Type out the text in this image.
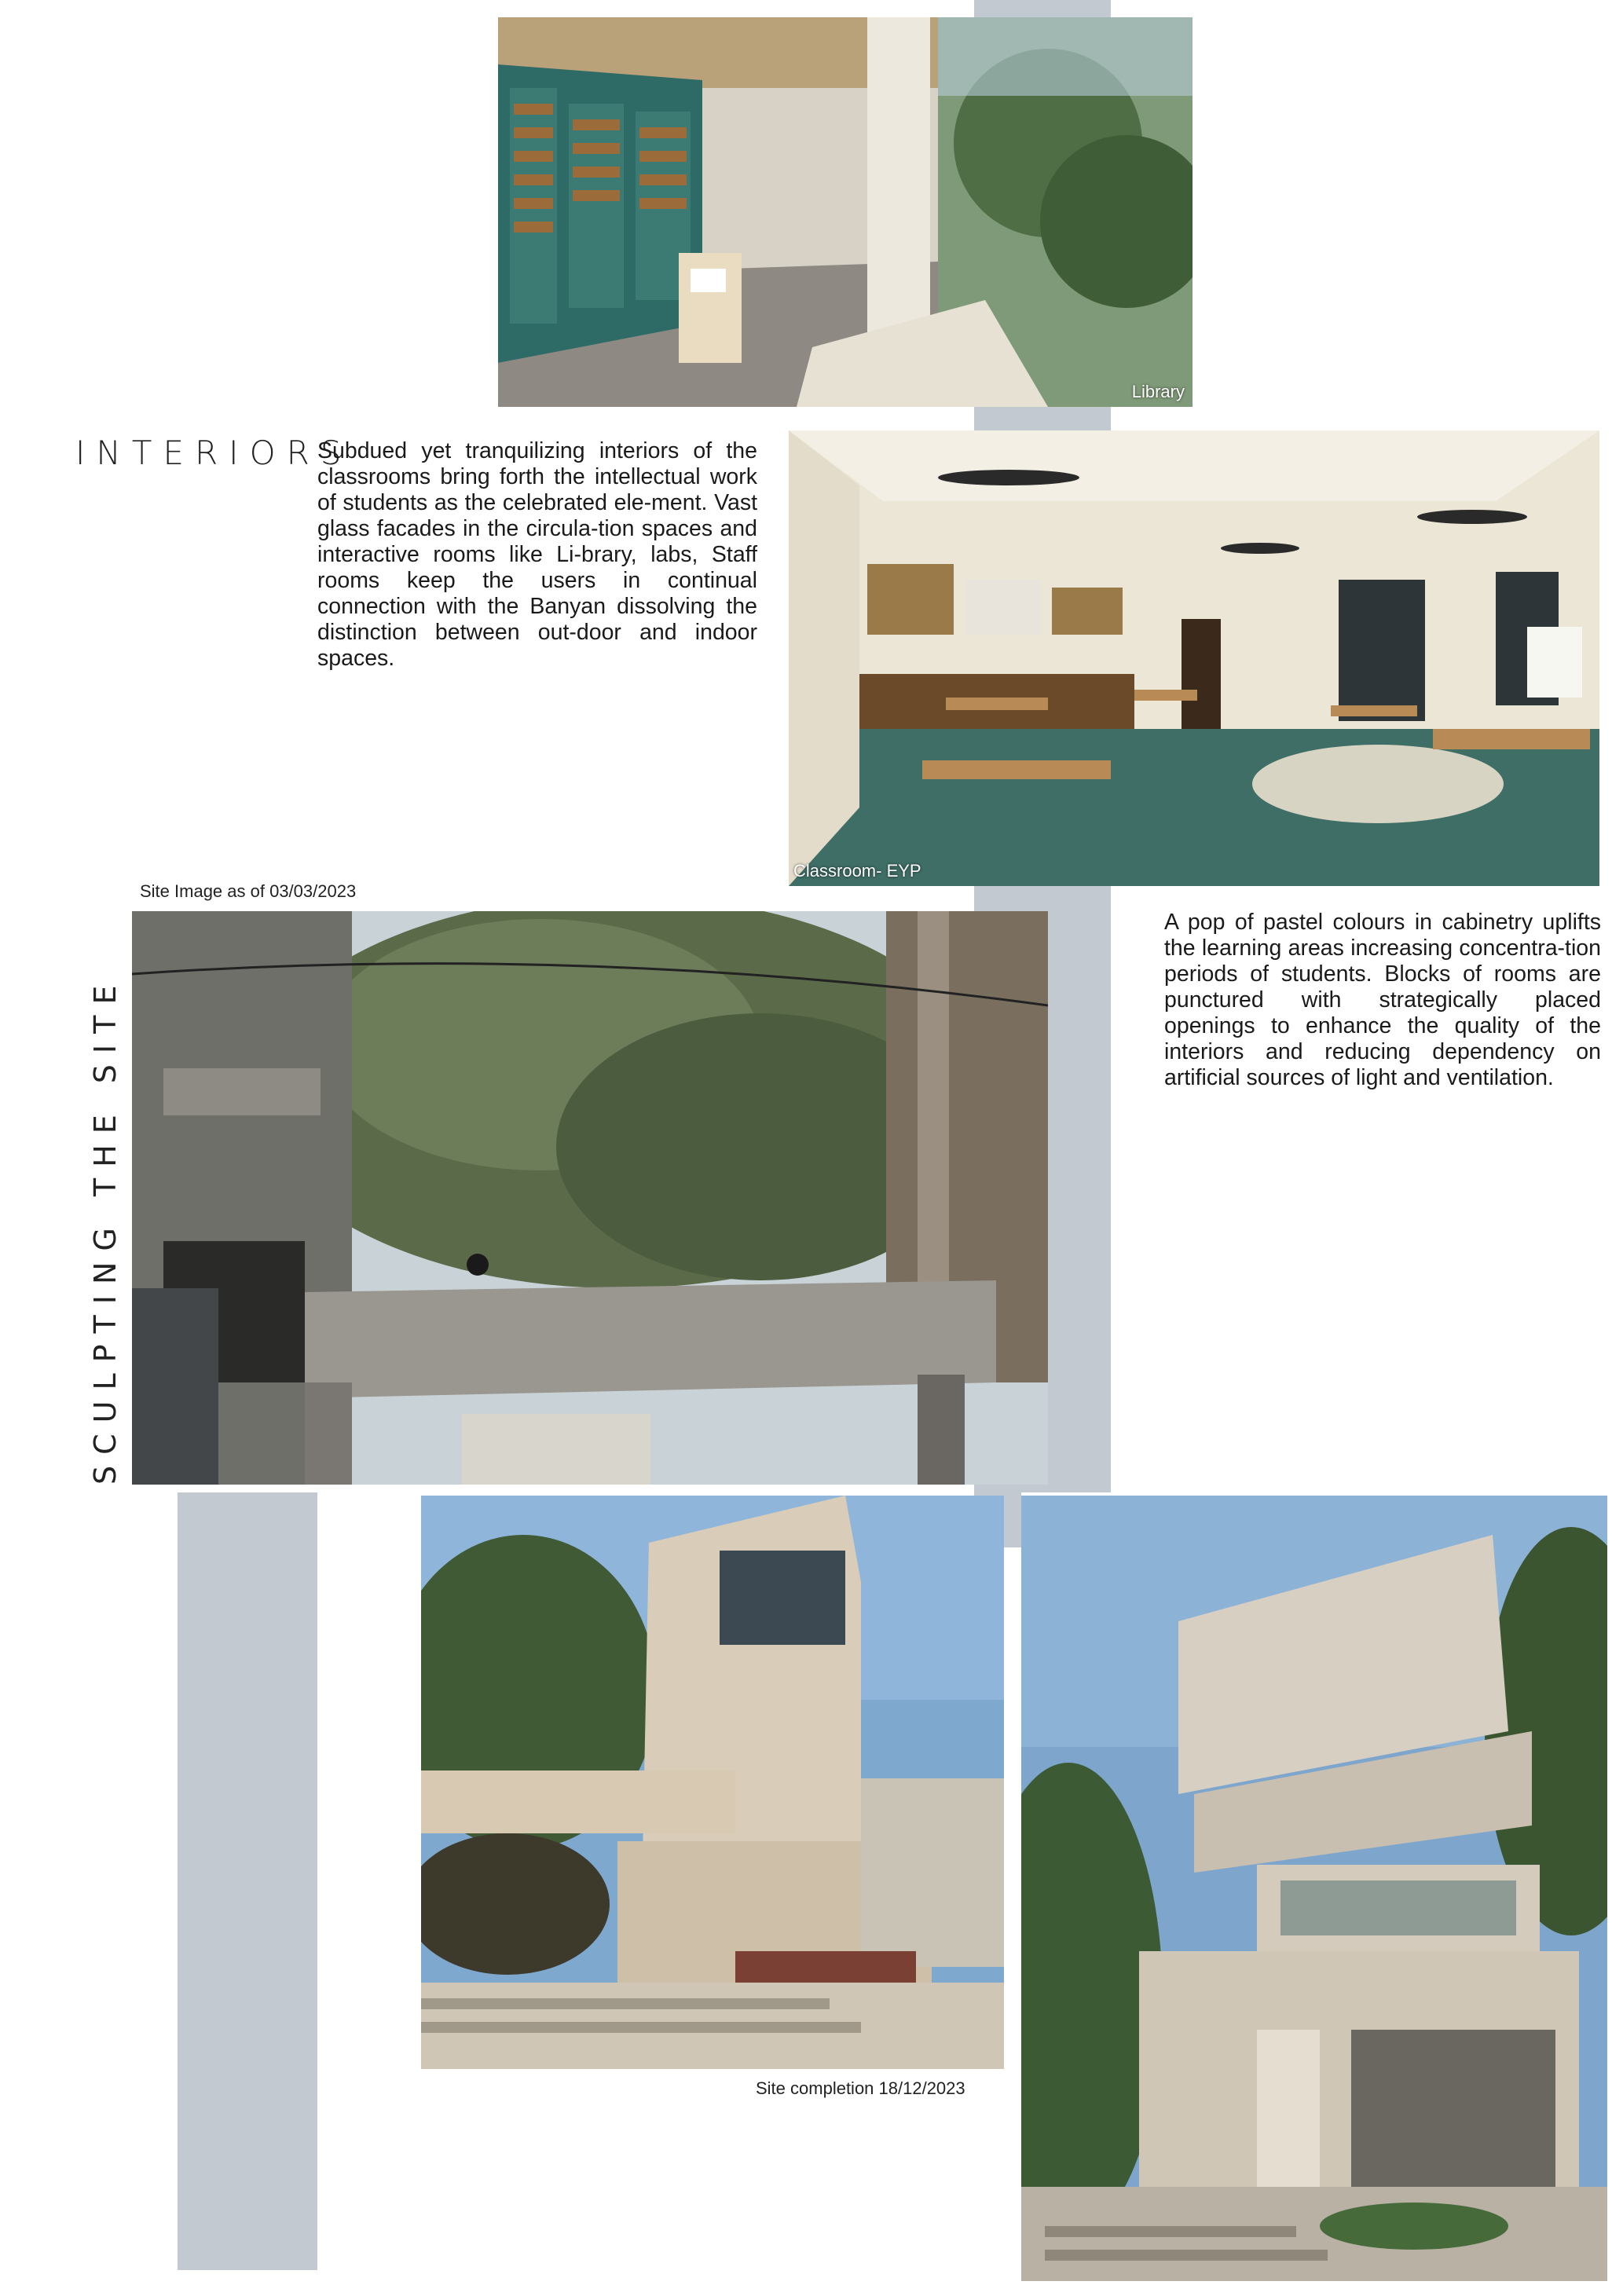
Library
INTERIORS
Subdued yet tranquilizing interiors of the classrooms bring forth the intellectual work of students as the celebrated ele-ment. Vast glass facades in the circula-tion spaces and interactive rooms like Li-brary, labs, Staff rooms keep the users in continual connection with the Banyan dissolving the distinction between out-door and indoor spaces.
Classroom- EYP
Site Image as of 03/03/2023
SCULPTING THE SITE
A pop of pastel colours in cabinetry uplifts the learning areas increasing concentra-tion periods of students. Blocks of rooms are punctured with strategically placed openings to enhance the quality of the interiors and reducing dependency on artificial sources of light and ventilation.
Site completion 18/12/2023
